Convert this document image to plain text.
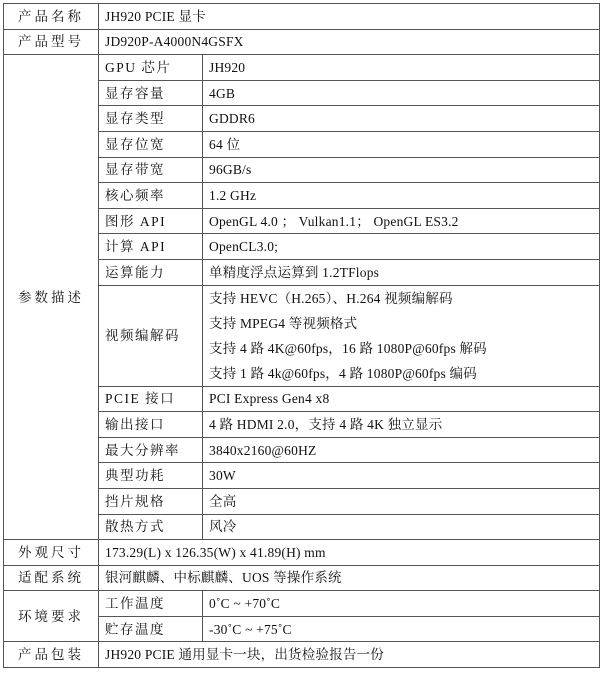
产品名称	JH920 PCIE 显卡	
产品型号	JD920P-A4000N4GSFX	
参数描述	GPU 芯片	JH920
	显存容量	4GB
	显存类型	GDDR6
	显存位宽	64 位
	显存带宽	96GB/s
	核心频率	1.2 GHz
	图形 API	OpenGL 4.0 ； Vulkan1.1； OpenGL ES3.2
	计算 API	OpenCL3.0;
	运算能力	单精度浮点运算到 1.2TFlops
	视频编解码	支持 HEVC（H.265）、H.264 视频编解码
支持 MPEG4 等视频格式
支持 4 路 4K@60fps，16 路 1080P@60fps 解码
支持 1 路 4k@60fps，4 路 1080P@60fps 编码

	PCIE 接口	PCI Express Gen4 x8
	输出接口	4 路 HDMI 2.0，支持 4 路 4K 独立显示
	最大分辨率	3840x2160@60HZ
	典型功耗	30W
	挡片规格	全高
	散热方式	风冷
外观尺寸	173.29(L) x 126.35(W) x 41.89(H) mm	
适配系统	银河麒麟、中标麒麟、UOS 等操作系统	
环境要求	工作温度	0˚C ~ +70˚C
	贮存温度	-30˚C ~ +75˚C
产品包装	JH920 PCIE 通用显卡一块，出货检验报告一份	
